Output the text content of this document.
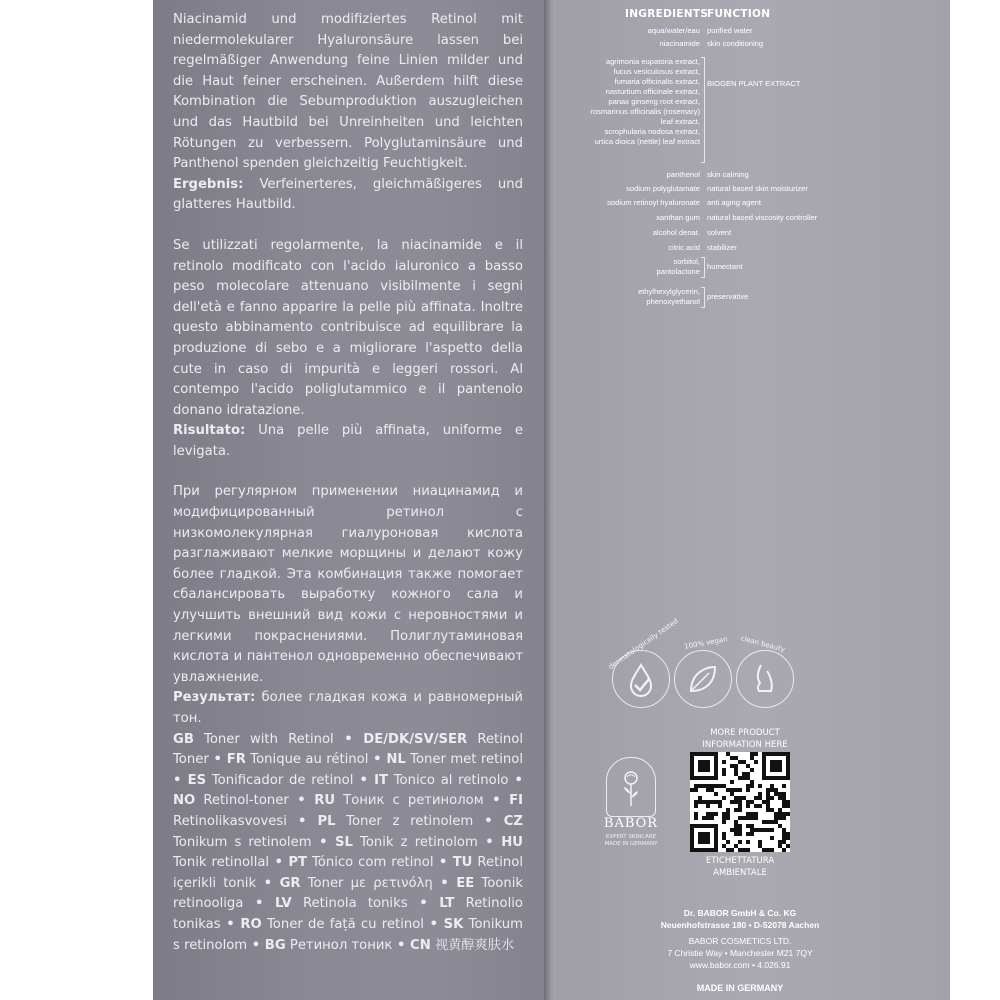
Niacinamid und modifiziertes Retinol mit niedermolekularer Hyaluronsäure lassen bei regelmäßiger Anwendung feine Linien milder und die Haut feiner erscheinen. Außerdem hilft diese Kombination die Sebumproduktion auszugleichen und das Hautbild bei Unreinheiten und leichten Rötungen zu verbessern. Polyglutaminsäure und Panthenol spenden gleichzeitig Feuchtigkeit.

Ergebnis: Verfeinerteres, gleichmäßigeres und glatteres Hautbild.

Se utilizzati regolarmente, la niacinamide e il retinolo modificato con l'acido ialuronico a basso peso molecolare attenuano visibilmente i segni dell'età e fanno apparire la pelle più affinata. Inoltre questo abbinamento contribuisce ad equilibrare la produzione di sebo e a migliorare l'aspetto della cute in caso di impurità e leggeri rossori. Al contempo l'acido poliglutammico e il pantenolo donano idratazione.

Risultato: Una pelle più affinata, uniforme e levigata.

При регулярном применении ниацинамид и модифицированный ретинол с низкомолекулярная гиалуроновая кислота разглаживают мелкие морщины и делают кожу более гладкой. Эта комбинация также помогает сбалансировать выработку кожного сала и улучшить внешний вид кожи с неровностями и легкими покраснениями. Полиглутаминовая кислота и пантенол одновременно обеспечивают увлажнение.

Результат: более гладкая кожа и равномерный тон.

GB Toner with Retinol • DE/DK/SV/SER Retinol Toner • FR Tonique au rétinol • NL Toner met retinol • ES Tonificador de retinol • IT Tonico al retinolo • NO Retinol-toner • RU Тоник с ретинолом • FI Retinolikasvovesi • PL Toner z retinolem • CZ Tonikum s retinolem • SL Tonik z retinolom • HU Tonik retinollal • PT Tónico com retinol • TU Retinol içerikli tonik • GR Toner με ρετινόλη • EE Toonik retinooliga • LV Retinola toniks • LT Retinolio tonikas • RO Toner de față cu retinol • SK Tonikum s retinolom • BG Ретинол тоник • CN 视黄醇爽肤水

INGREDIENTS
FUNCTION
aqua/water/eau purified water
niacinamide skin conditioning
agrimonia eupatoria extract,
fucus vesiculosus extract,
fumaria officinalis extract,
nasturtium officinale extract,
BIOGEN PLANT EXTRACT
panax ginseng root extract,
rosmarinus officinalis (rosemary)
leaf extract,
scrophularia nodosa extract,
urtica dioica (nettle) leaf extract
panthenol skin calming
sodium polyglutamate natural based skin moisturizer
sodium retinoyl hyaluronate anti aging agent
xanthan gum natural based viscosity controller
alcohol denat. solvent
citric acid stabilizer
sorbitol,
pantolactone
humectant
ethylhexylglycerin,
phenoxyethanol
preservative
dermatologically tested 100% vegan clean beauty
MORE PRODUCT INFORMATION HERE
ETICHETTATURA AMBIENTALE
BABOR
EXPERT SKINCARE
MADE IN GERMANY
Dr. BABOR GmbH & Co. KG
Neuenhofstrasse 180 • D-52078 Aachen
BABOR COSMETICS LTD.
7 Christie Way • Manchester M21 7QY
www.babor.com • 4.026.91
MADE IN GERMANY
